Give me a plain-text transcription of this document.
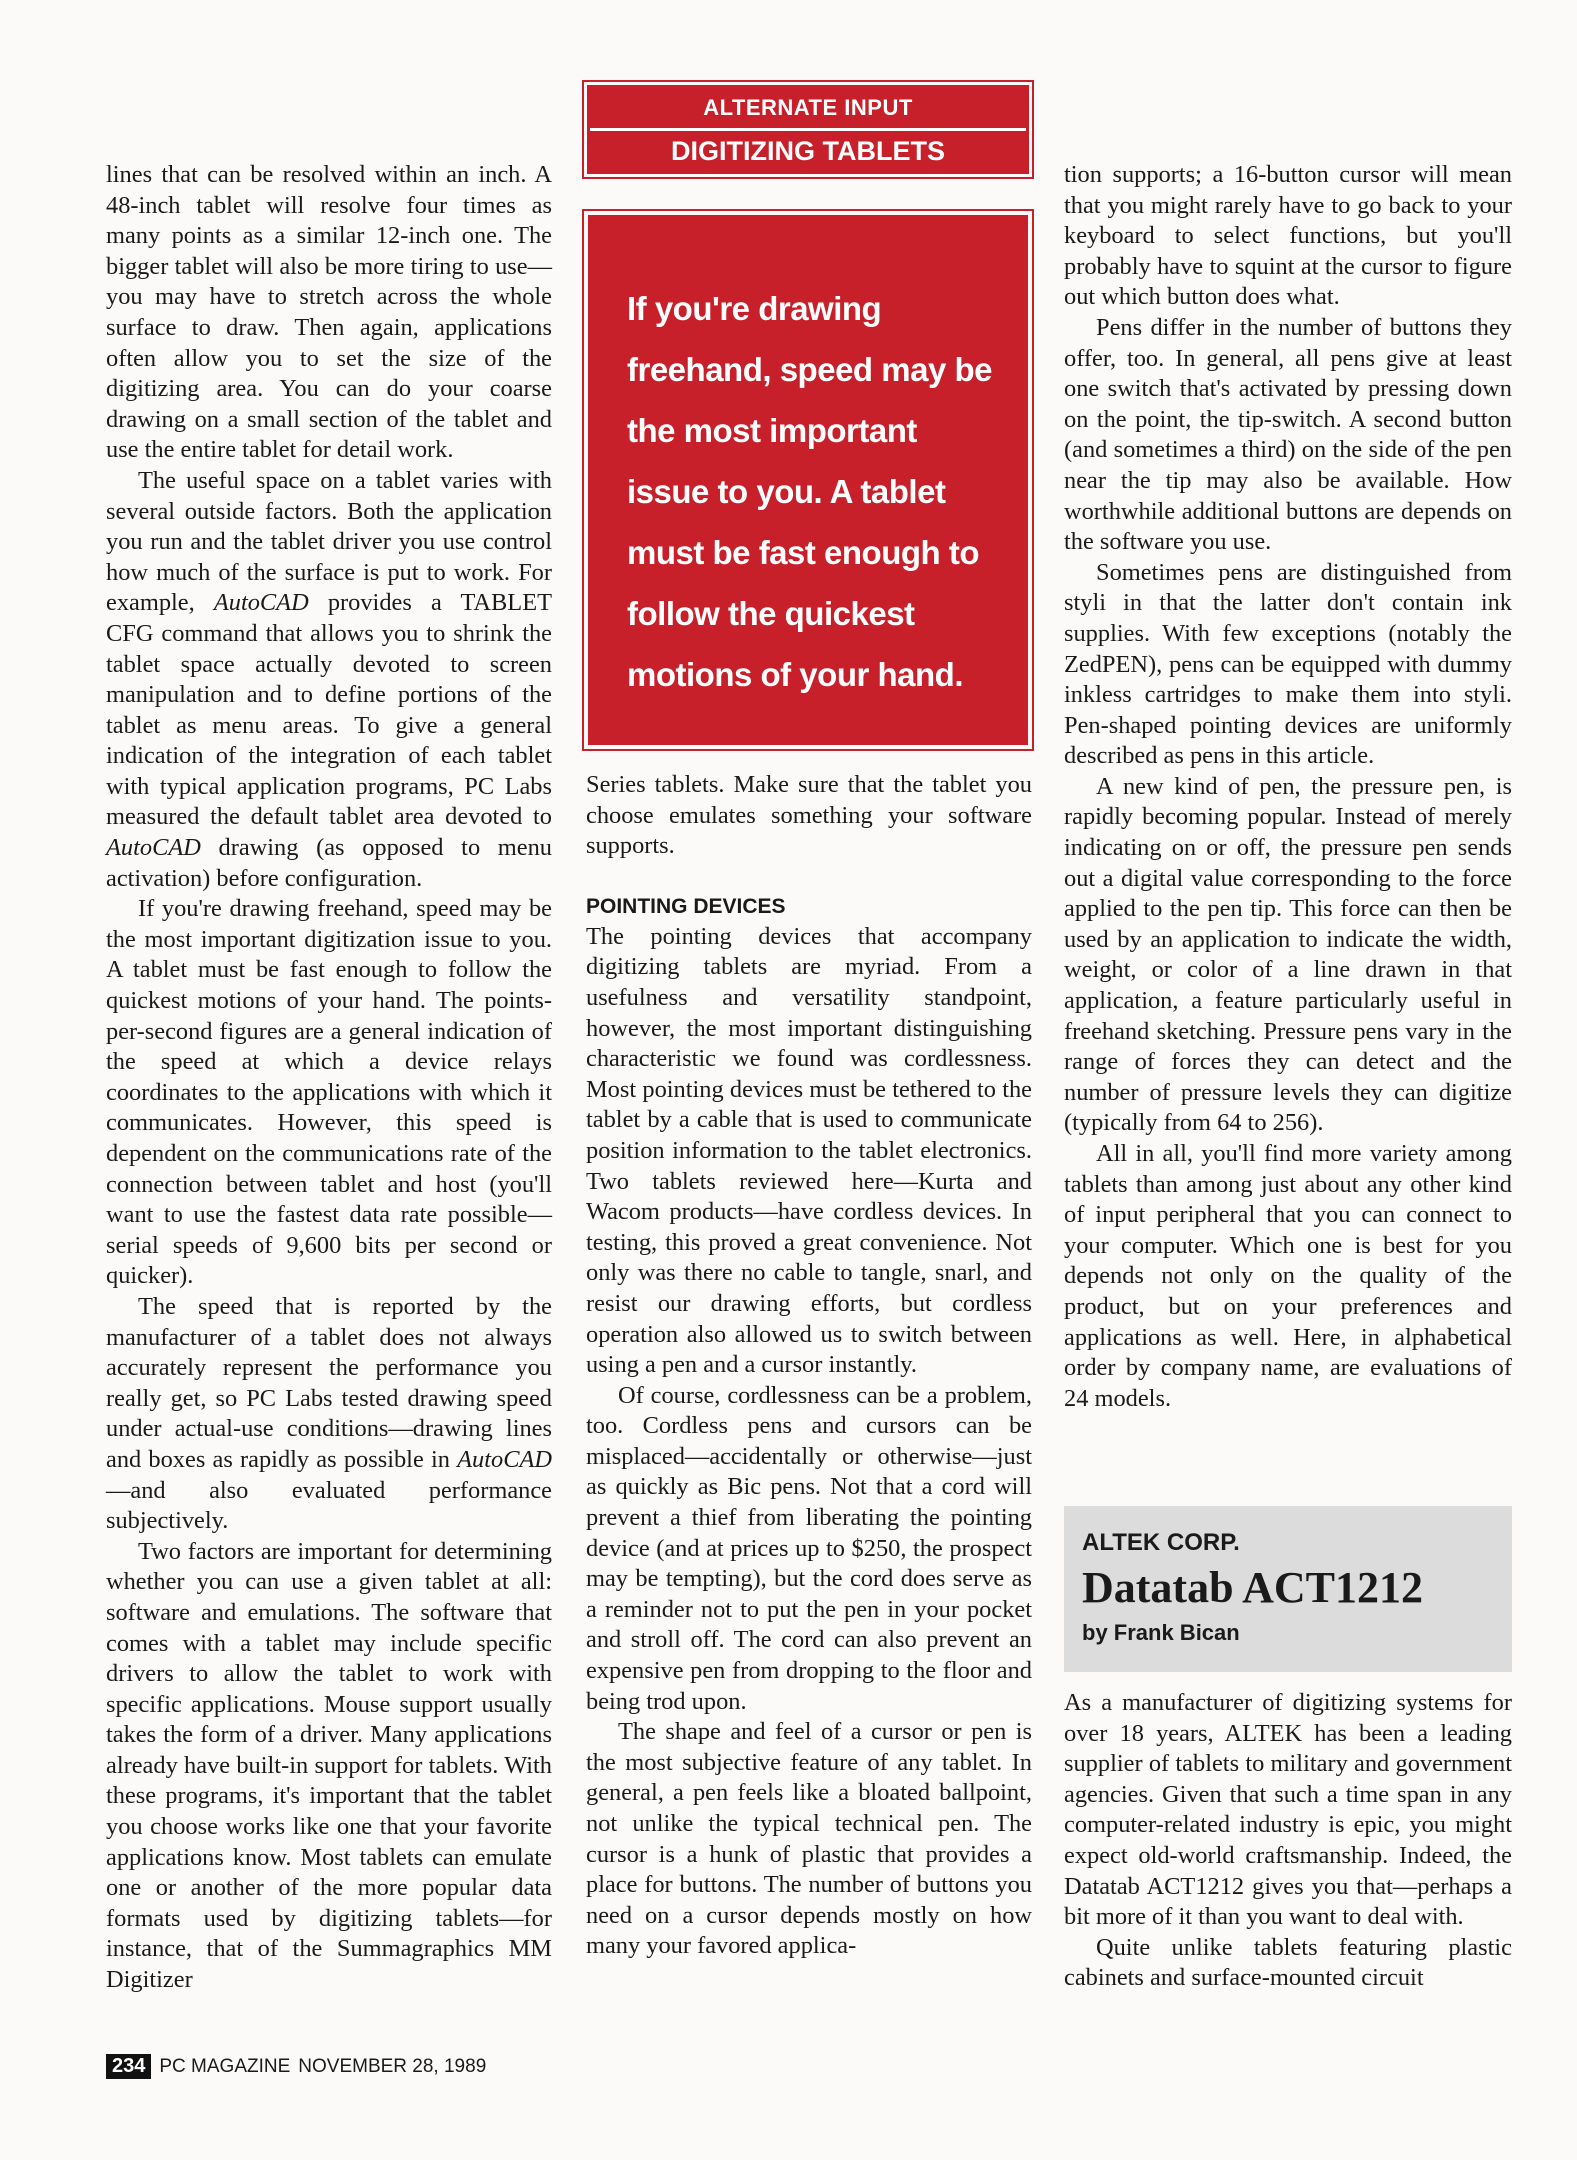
ALTERNATE INPUT
DIGITIZING TABLETS
If you're drawing freehand, speed may be the most important issue to you. A tablet must be fast enough to follow the quickest motions of your hand.

lines that can be resolved within an inch. A 48-inch tablet will resolve four times as many points as a similar 12-inch one. The bigger tablet will also be more tiring to use—you may have to stretch across the whole surface to draw. Then again, applications often allow you to set the size of the digitizing area. You can do your coarse drawing on a small section of the tablet and use the entire tablet for detail work.

The useful space on a tablet varies with several outside factors. Both the application you run and the tablet driver you use control how much of the surface is put to work. For example, AutoCAD provides a TABLET CFG command that allows you to shrink the tablet space actually devoted to screen manipulation and to define portions of the tablet as menu areas. To give a general indication of the integration of each tablet with typical application programs, PC Labs measured the default tablet area devoted to AutoCAD drawing (as opposed to menu activation) before configuration.

If you're drawing freehand, speed may be the most important digitization issue to you. A tablet must be fast enough to follow the quickest motions of your hand. The points-per-second figures are a general indication of the speed at which a device relays coordinates to the applications with which it communicates. However, this speed is dependent on the communications rate of the connection between tablet and host (you'll want to use the fastest data rate possible—serial speeds of 9,600 bits per second or quicker).

The speed that is reported by the manufacturer of a tablet does not always accurately represent the performance you really get, so PC Labs tested drawing speed under actual-use conditions—drawing lines and boxes as rapidly as possible in AutoCAD—and also evaluated performance subjectively.

Two factors are important for determining whether you can use a given tablet at all: software and emulations. The software that comes with a tablet may include specific drivers to allow the tablet to work with specific applications. Mouse support usually takes the form of a driver. Many applications already have built-in support for tablets. With these programs, it's important that the tablet you choose works like one that your favorite applications know. Most tablets can emulate one or another of the more popular data formats used by digitizing tablets—for instance, that of the Summagraphics MM Digitizer

Series tablets. Make sure that the tablet you choose emulates something your software supports.

POINTING DEVICES

The pointing devices that accompany digitizing tablets are myriad. From a usefulness and versatility standpoint, however, the most important distinguishing characteristic we found was cordlessness. Most pointing devices must be tethered to the tablet by a cable that is used to communicate position information to the tablet electronics. Two tablets reviewed here—Kurta and Wacom products—have cordless devices. In testing, this proved a great convenience. Not only was there no cable to tangle, snarl, and resist our drawing efforts, but cordless operation also allowed us to switch between using a pen and a cursor instantly.

Of course, cordlessness can be a problem, too. Cordless pens and cursors can be misplaced—accidentally or otherwise—just as quickly as Bic pens. Not that a cord will prevent a thief from liberating the pointing device (and at prices up to $250, the prospect may be tempting), but the cord does serve as a reminder not to put the pen in your pocket and stroll off. The cord can also prevent an expensive pen from dropping to the floor and being trod upon.

The shape and feel of a cursor or pen is the most subjective feature of any tablet. In general, a pen feels like a bloated ballpoint, not unlike the typical technical pen. The cursor is a hunk of plastic that provides a place for buttons. The number of buttons you need on a cursor depends mostly on how many your favored applica-

tion supports; a 16-button cursor will mean that you might rarely have to go back to your keyboard to select functions, but you'll probably have to squint at the cursor to figure out which button does what.

Pens differ in the number of buttons they offer, too. In general, all pens give at least one switch that's activated by pressing down on the point, the tip-switch. A second button (and sometimes a third) on the side of the pen near the tip may also be available. How worthwhile additional buttons are depends on the software you use.

Sometimes pens are distinguished from styli in that the latter don't contain ink supplies. With few exceptions (notably the ZedPEN), pens can be equipped with dummy inkless cartridges to make them into styli. Pen-shaped pointing devices are uniformly described as pens in this article.

A new kind of pen, the pressure pen, is rapidly becoming popular. Instead of merely indicating on or off, the pressure pen sends out a digital value corresponding to the force applied to the pen tip. This force can then be used by an application to indicate the width, weight, or color of a line drawn in that application, a feature particularly useful in freehand sketching. Pressure pens vary in the range of forces they can detect and the number of pressure levels they can digitize (typically from 64 to 256).

All in all, you'll find more variety among tablets than among just about any other kind of input peripheral that you can connect to your computer. Which one is best for you depends not only on the quality of the product, but on your preferences and applications as well. Here, in alphabetical order by company name, are evaluations of 24 models.

ALTEK CORP.
Datatab ACT1212
by Frank Bican

As a manufacturer of digitizing systems for over 18 years, ALTEK has been a leading supplier of tablets to military and government agencies. Given that such a time span in any computer-related industry is epic, you might expect old-world craftsmanship. Indeed, the Datatab ACT1212 gives you that—perhaps a bit more of it than you want to deal with.

Quite unlike tablets featuring plastic cabinets and surface-mounted circuit

234 PC MAGAZINE NOVEMBER 28, 1989
